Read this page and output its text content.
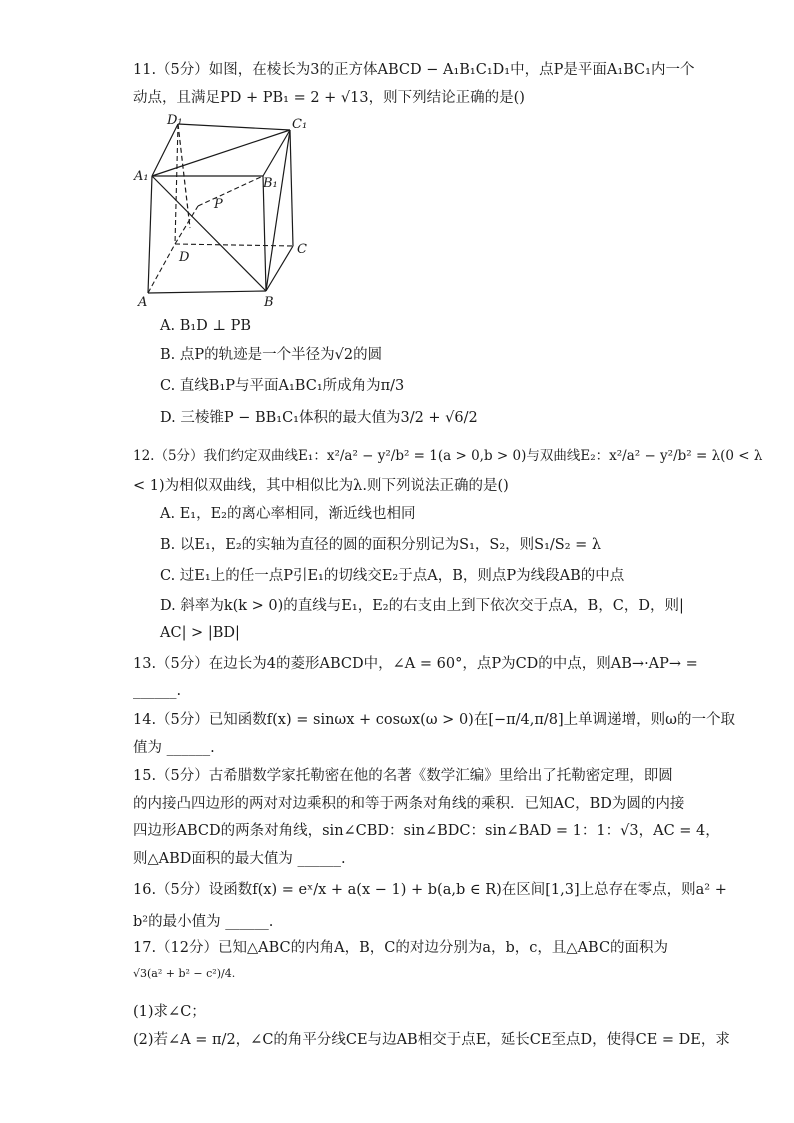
11.（5分）如图，在棱长为3的正方体ABCD − A₁B₁C₁D₁中，点P是平面A₁BC₁内一个
动点，且满足PD + PB₁ = 2 + √13，则下列结论正确的是()
D₁	C₁
A₁	B₁
P
D
C
A	B
A. B₁D ⊥ PB
B. 点P的轨迹是一个半径为√2的圆
C. 直线B₁P与平面A₁BC₁所成角为π/3
D. 三棱锥P − BB₁C₁体积的最大值为3/2 + √6/2
12.（5分）我们约定双曲线E₁：x²/a² − y²/b² = 1(a > 0,b > 0)与双曲线E₂：x²/a² − y²/b² = λ(0 < λ
< 1)为相似双曲线，其中相似比为λ.则下列说法正确的是()
A. E₁，E₂的离心率相同，渐近线也相同
B. 以E₁，E₂的实轴为直径的圆的面积分别记为S₁，S₂，则S₁/S₂ = λ
C. 过E₁上的任一点P引E₁的切线交E₂于点A，B，则点P为线段AB的中点
D. 斜率为k(k > 0)的直线与E₁，E₂的右支由上到下依次交于点A，B，C，D，则|
AC| > |BD|
13.（5分）在边长为4的菱形ABCD中，∠A = 60°，点P为CD的中点，则AB→·AP→ =
______.
14.（5分）已知函数f(x) = sinωx + cosωx(ω > 0)在[−π/4,π/8]上单调递增，则ω的一个取
值为 ______.
15.（5分）古希腊数学家托勒密在他的名著《数学汇编》里给出了托勒密定理，即圆
的内接凸四边形的两对对边乘积的和等于两条对角线的乘积．已知AC，BD为圆的内接
四边形ABCD的两条对角线，sin∠CBD：sin∠BDC：sin∠BAD = 1：1：√3，AC = 4，
则△ABD面积的最大值为 ______.
16.（5分）设函数f(x) = eˣ/x + a(x − 1) + b(a,b ∈ R)在区间[1,3]上总存在零点，则a² +
b²的最小值为 ______.
17.（12分）已知△ABC的内角A，B，C的对边分别为a，b，c，且△ABC的面积为
√3(a² + b² − c²)/4.
(1)求∠C；
(2)若∠A = π/2，∠C的角平分线CE与边AB相交于点E，延长CE至点D，使得CE = DE，求
